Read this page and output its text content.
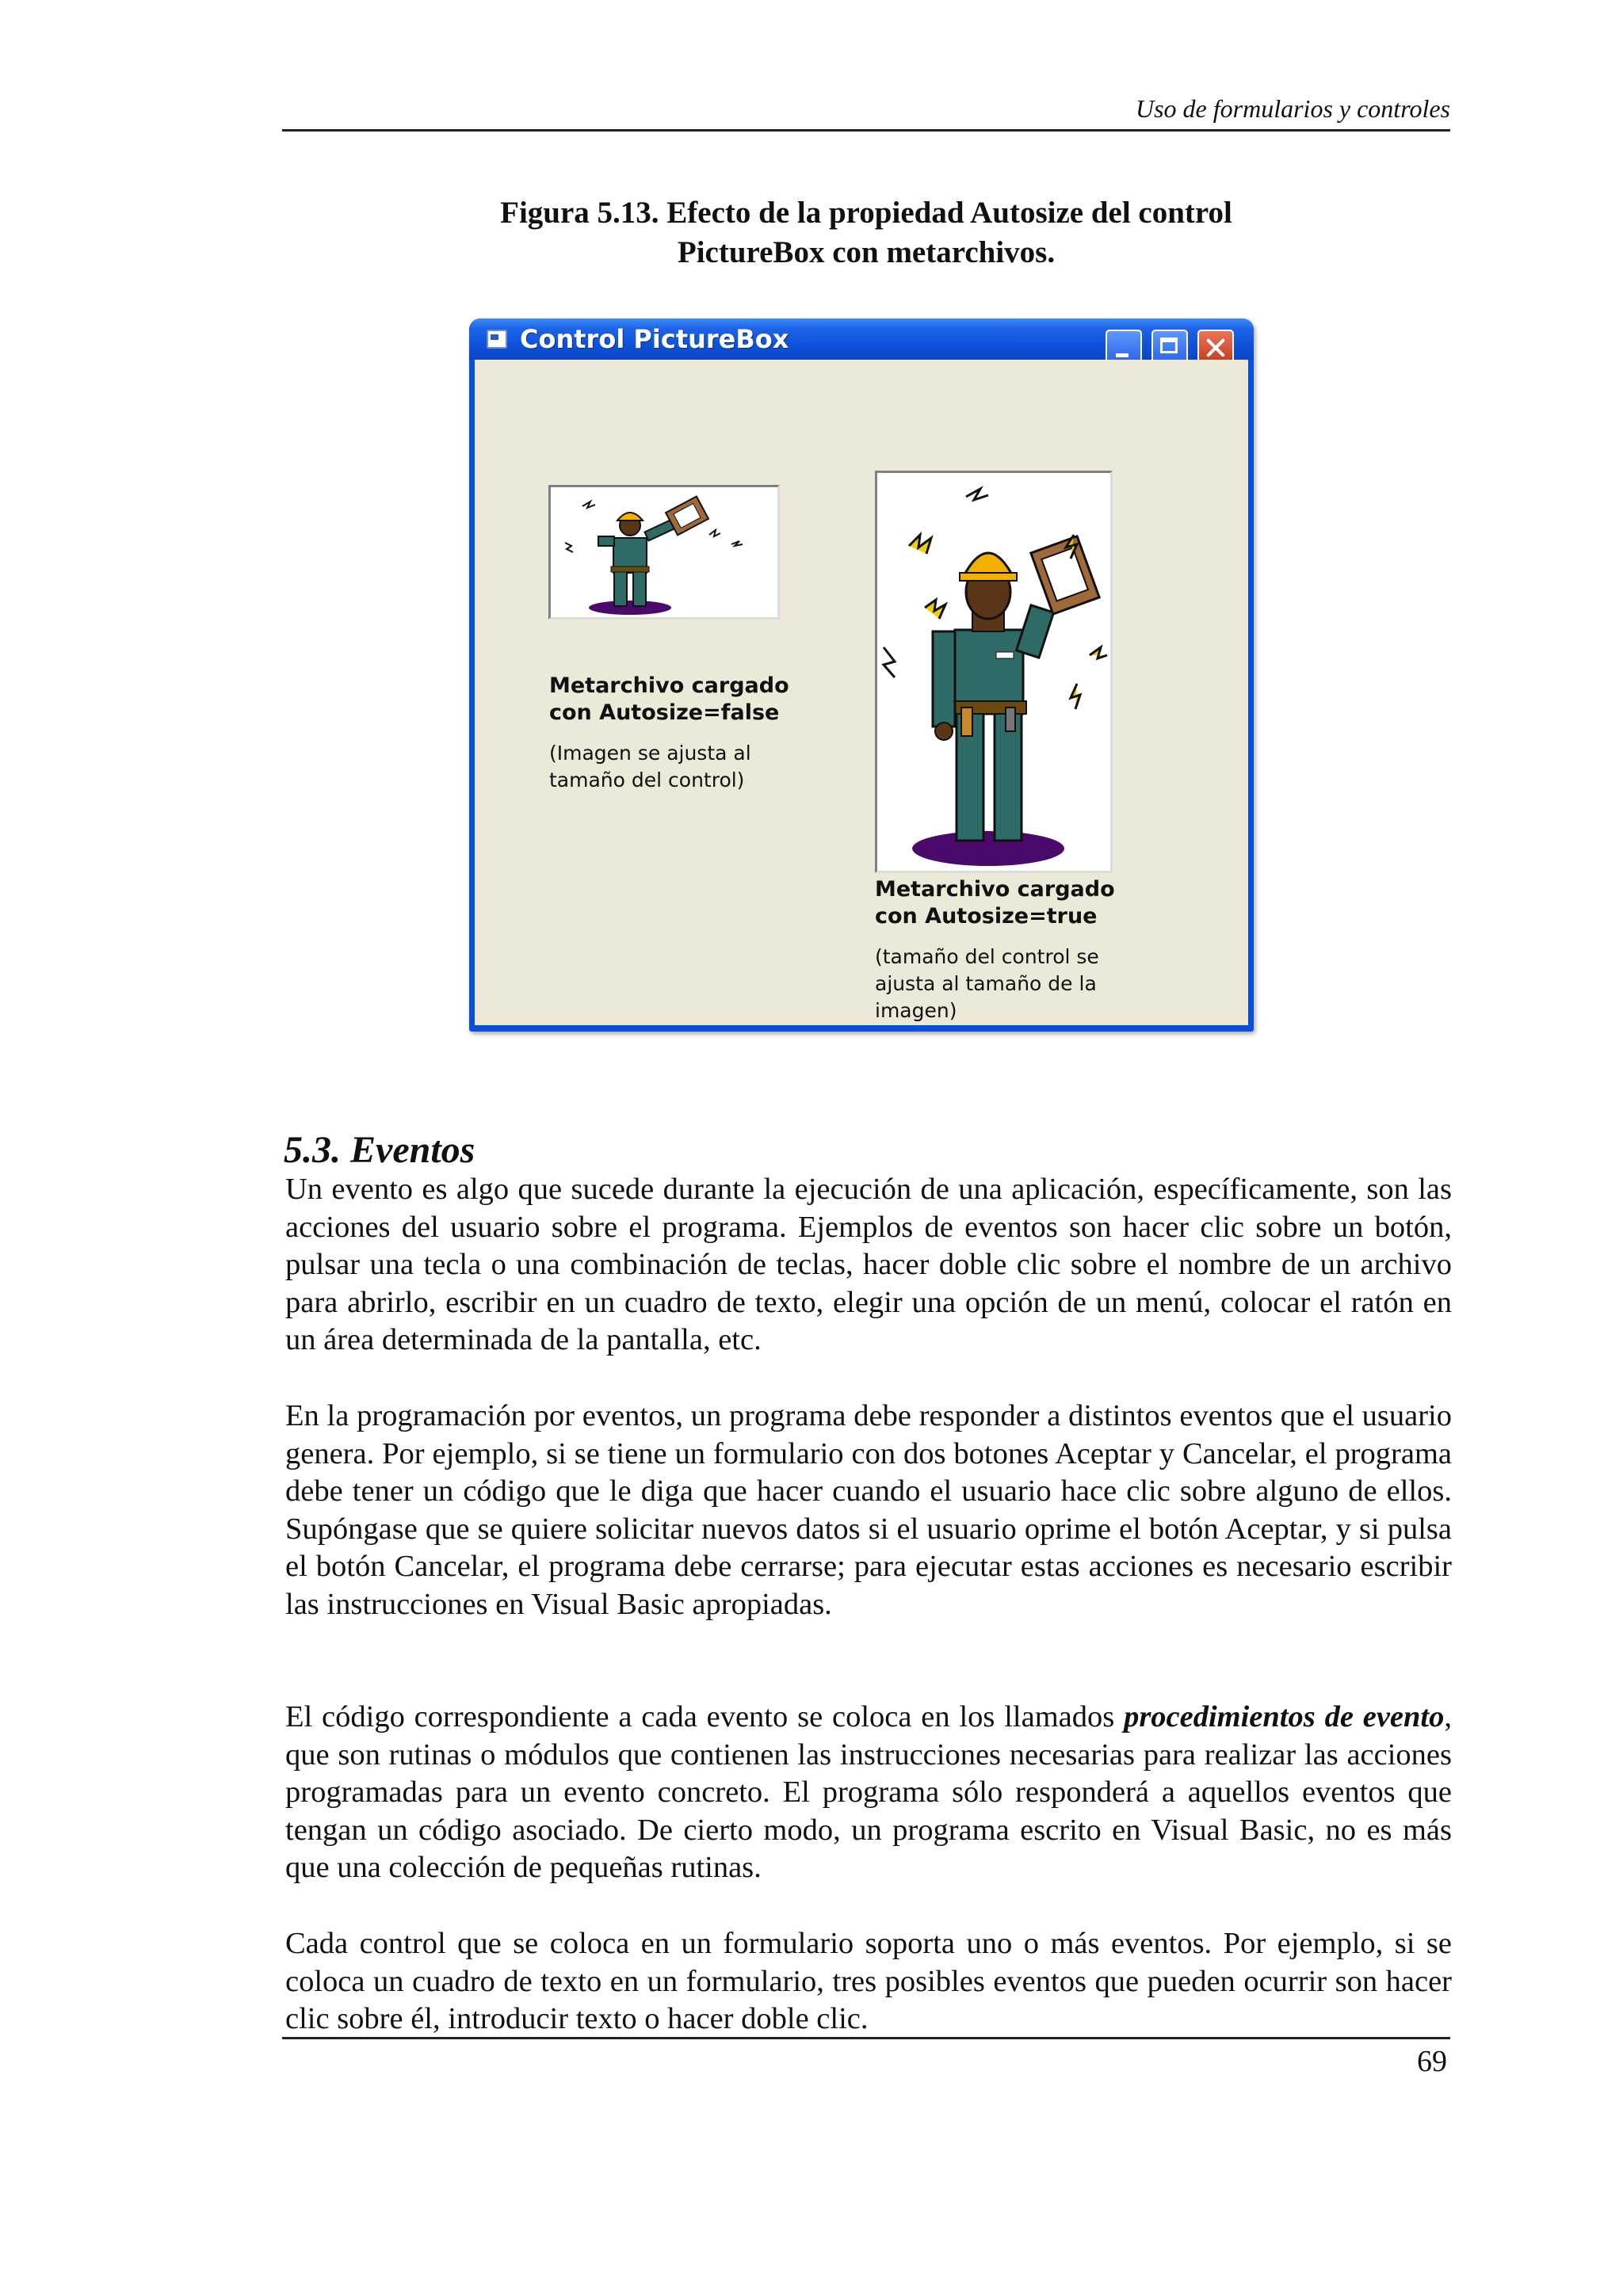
Uso de formularios y controles
Figura 5.13. Efecto de la propiedad Autosize del control
PictureBox con metarchivos.
Control PictureBox
Metarchivo cargado
con Autosize=false
(Imagen se ajusta al
tamaño del control)
Metarchivo cargado
con Autosize=true
(tamaño del control se
ajusta al tamaño de la
imagen)
5.3. Eventos

Un evento es algo que sucede durante la ejecución de una aplicación, específicamente, son las acciones del usuario sobre el programa. Ejemplos de eventos son hacer clic sobre un botón, pulsar una tecla o una combinación de teclas, hacer doble clic sobre el nombre de un archivo para abrirlo, escribir en un cuadro de texto, elegir una opción de un menú, colocar el ratón en un área determinada de la pantalla, etc.

En la programación por eventos, un programa debe responder a distintos eventos que el usuario genera. Por ejemplo, si se tiene un formulario con dos botones Aceptar y Cancelar, el programa debe tener un código que le diga que hacer cuando el usuario hace clic sobre alguno de ellos. Supóngase que se quiere solicitar nuevos datos si el usuario oprime el botón Aceptar, y si pulsa el botón Cancelar, el programa debe cerrarse; para ejecutar estas acciones es necesario escribir las instrucciones en Visual Basic apropiadas.

El código correspondiente a cada evento se coloca en los llamados procedimientos de evento, que son rutinas o módulos que contienen las instrucciones necesarias para realizar las acciones programadas para un evento concreto. El programa sólo responderá a aquellos eventos que tengan un código asociado. De cierto modo, un programa escrito en Visual Basic, no es más que una colección de pequeñas rutinas.

Cada control que se coloca en un formulario soporta uno o más eventos. Por ejemplo, si se coloca un cuadro de texto en un formulario, tres posibles eventos que pueden ocurrir son hacer clic sobre él, introducir texto o hacer doble clic.

69
